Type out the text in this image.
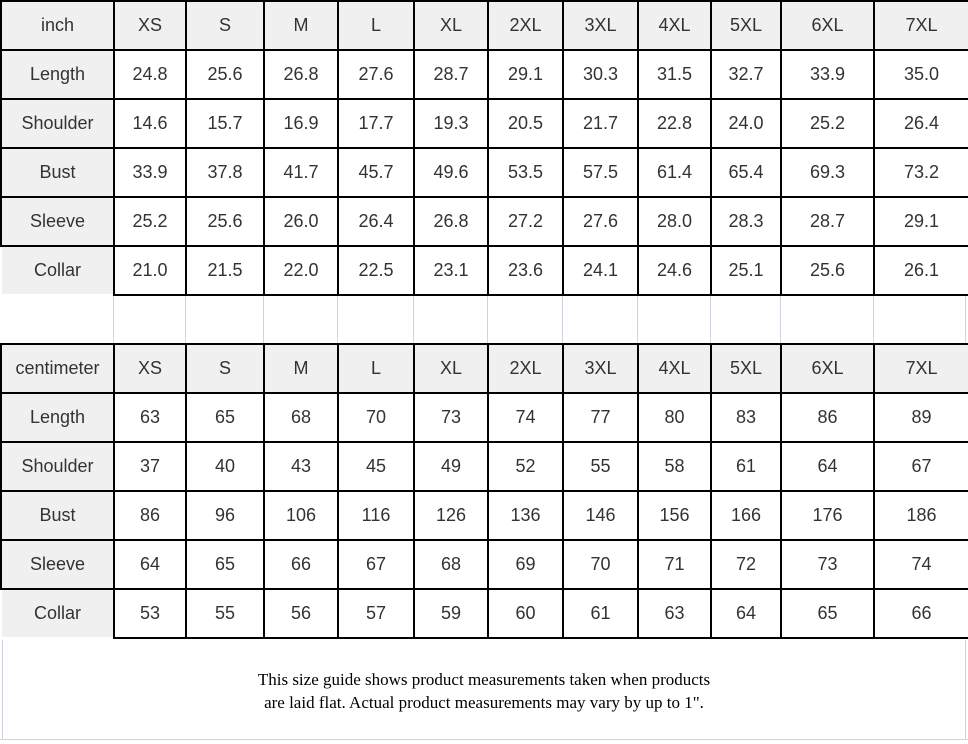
inch	XS	S	M	L	XL	2XL	3XL	4XL	5XL	6XL	7XL
Length	24.8	25.6	26.8	27.6	28.7	29.1	30.3	31.5	32.7	33.9	35.0
Shoulder	14.6	15.7	16.9	17.7	19.3	20.5	21.7	22.8	24.0	25.2	26.4
Bust	33.9	37.8	41.7	45.7	49.6	53.5	57.5	61.4	65.4	69.3	73.2
Sleeve	25.2	25.6	26.0	26.4	26.8	27.2	27.6	28.0	28.3	28.7	29.1
Collar	21.0	21.5	22.0	22.5	23.1	23.6	24.1	24.6	25.1	25.6	26.1
centimeter	XS	S	M	L	XL	2XL	3XL	4XL	5XL	6XL	7XL
Length	63	65	68	70	73	74	77	80	83	86	89
Shoulder	37	40	43	45	49	52	55	58	61	64	67
Bust	86	96	106	116	126	136	146	156	166	176	186
Sleeve	64	65	66	67	68	69	70	71	72	73	74
Collar	53	55	56	57	59	60	61	63	64	65	66
This size guide shows product measurements taken when products
are laid flat. Actual product measurements may vary by up to 1".
